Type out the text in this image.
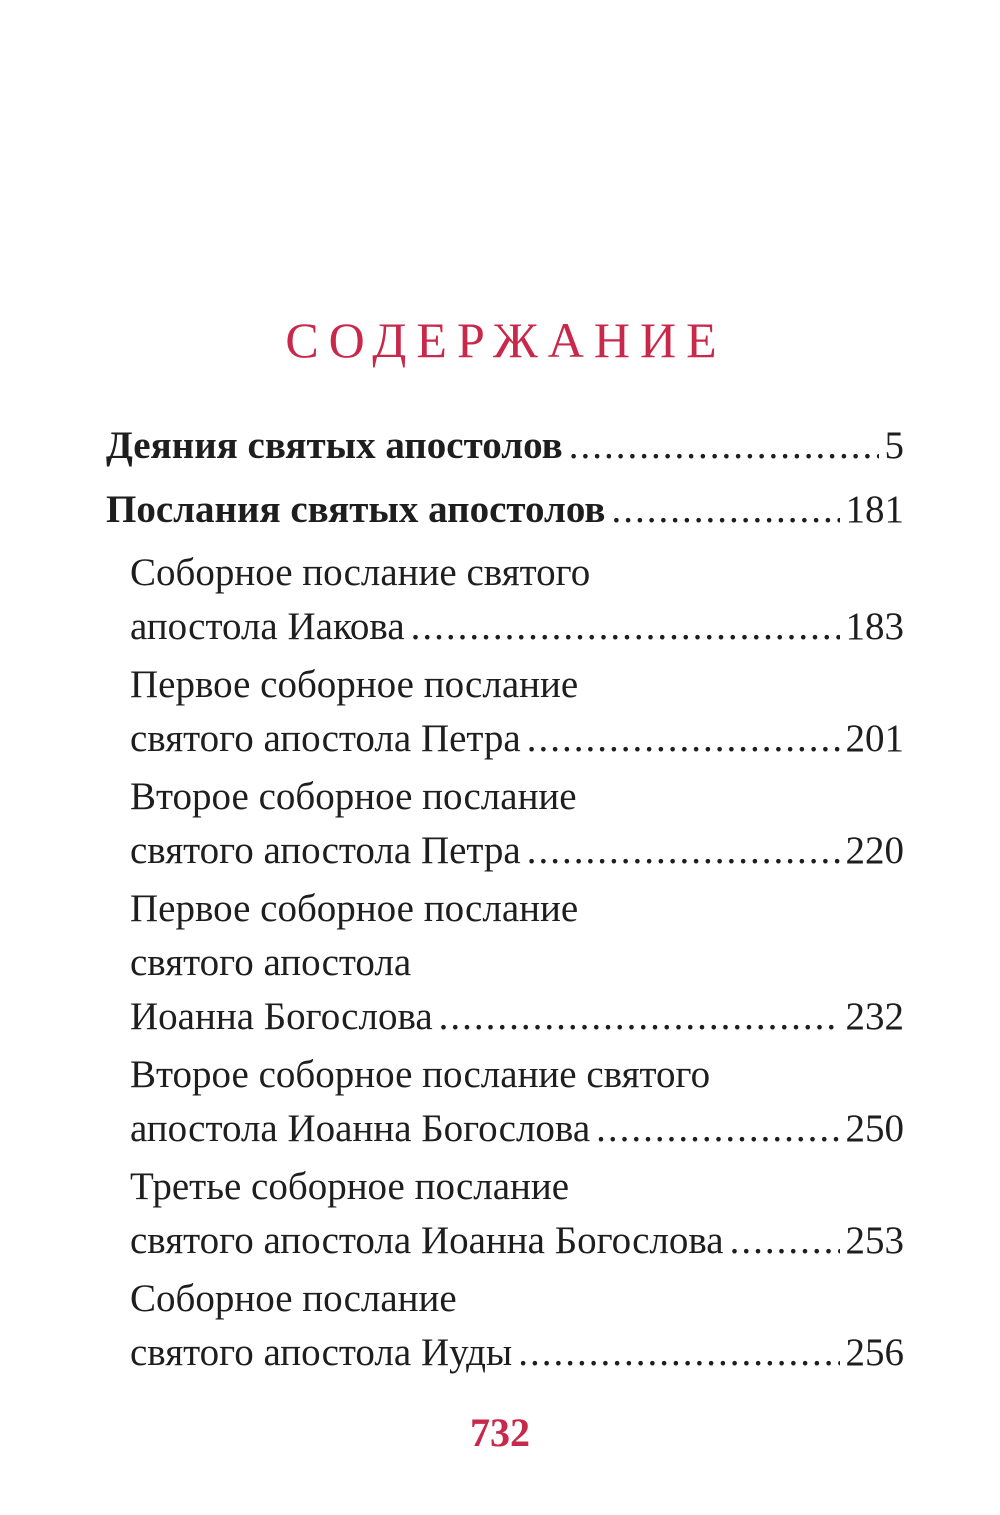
СОДЕРЖАНИЕ
Деяния святых апостолов .....	5
Послания святых апостолов .....	181
Соборное послание святого
апостола Иакова .....	183
Первое соборное послание
святого апостола Петра .....	201
Второе соборное послание
святого апостола Петра .....	220
Первое соборное послание
святого апостола
Иоанна Богослова .....	232
Второе соборное послание святого
апостола Иоанна Богослова .....	250
Третье соборное послание
святого апостола Иоанна Богослова .....	253
Соборное послание
святого апостола Иуды .....	256
732
